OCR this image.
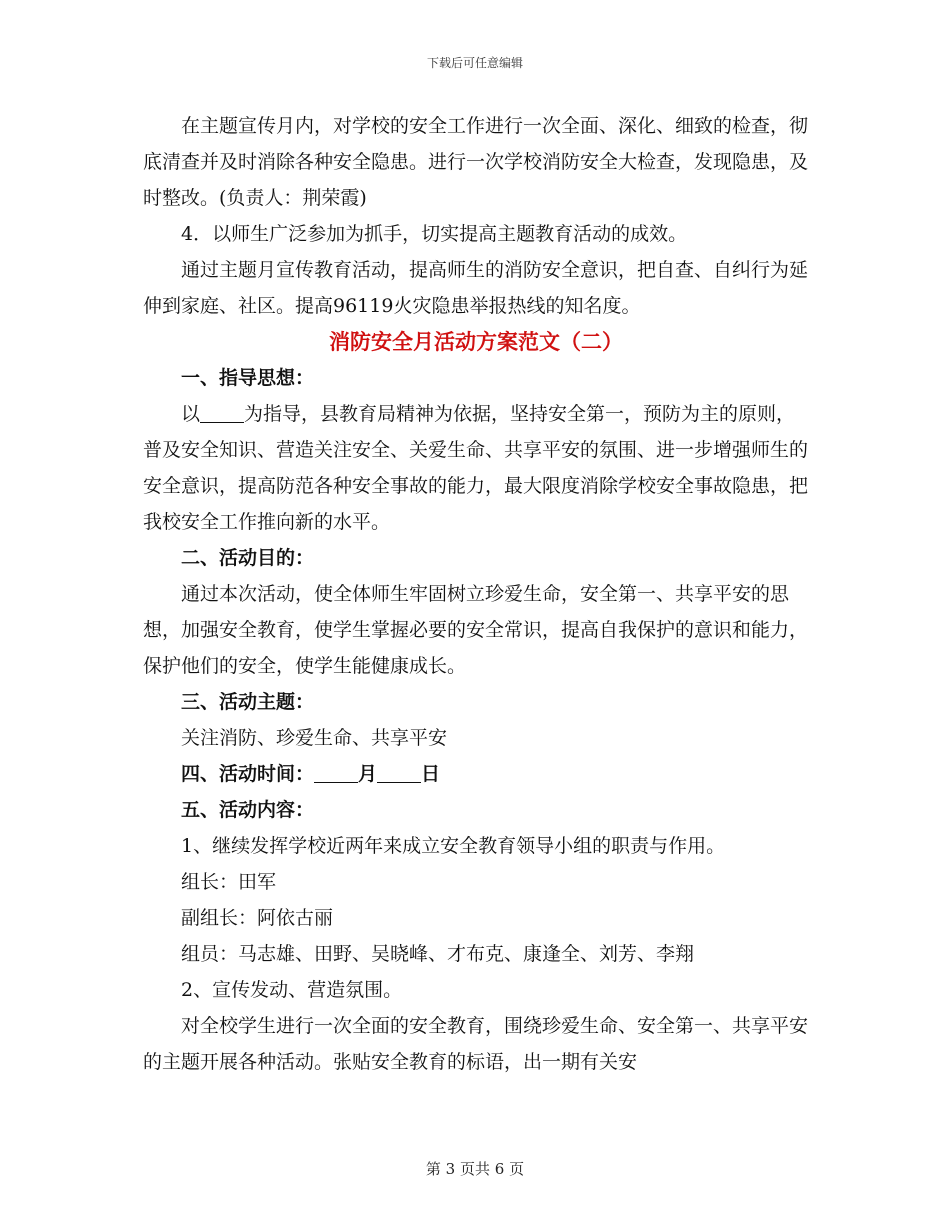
下载后可任意编辑

在主题宣传月内，对学校的安全工作进行一次全面、深化、细致的检查，彻底清查并及时消除各种安全隐患。进行一次学校消防安全大检查，发现隐患，及时整改。(负责人：荆荣霞)

4．以师生广泛参加为抓手，切实提高主题教育活动的成效。

通过主题月宣传教育活动，提高师生的消防安全意识，把自查、自纠行为延伸到家庭、社区。提高96119火灾隐患举报热线的知名度。

消防安全月活动方案范文（二）

一、指导思想：

以 为指导，县教育局精神为依据，坚持安全第一，预防为主的原则，普及安全知识、营造关注安全、关爱生命、共享平安的氛围、进一步增强师生的安全意识，提高防范各种安全事故的能力，最大限度消除学校安全事故隐患，把我校安全工作推向新的水平。

二、活动目的：

通过本次活动，使全体师生牢固树立珍爱生命，安全第一、共享平安的思想，加强安全教育，使学生掌握必要的安全常识，提高自我保护的意识和能力，保护他们的安全，使学生能健康成长。

三、活动主题：

关注消防、珍爱生命、共享平安

四、活动时间： 月 日

五、活动内容：

1、继续发挥学校近两年来成立安全教育领导小组的职责与作用。

组长：田军

副组长：阿依古丽

组员：马志雄、田野、吴晓峰、才布克、康逢全、刘芳、李翔

2、宣传发动、营造氛围。

对全校学生进行一次全面的安全教育，围绕珍爱生命、安全第一、共享平安的主题开展各种活动。张贴安全教育的标语，出一期有关安

第 3 页共 6 页
